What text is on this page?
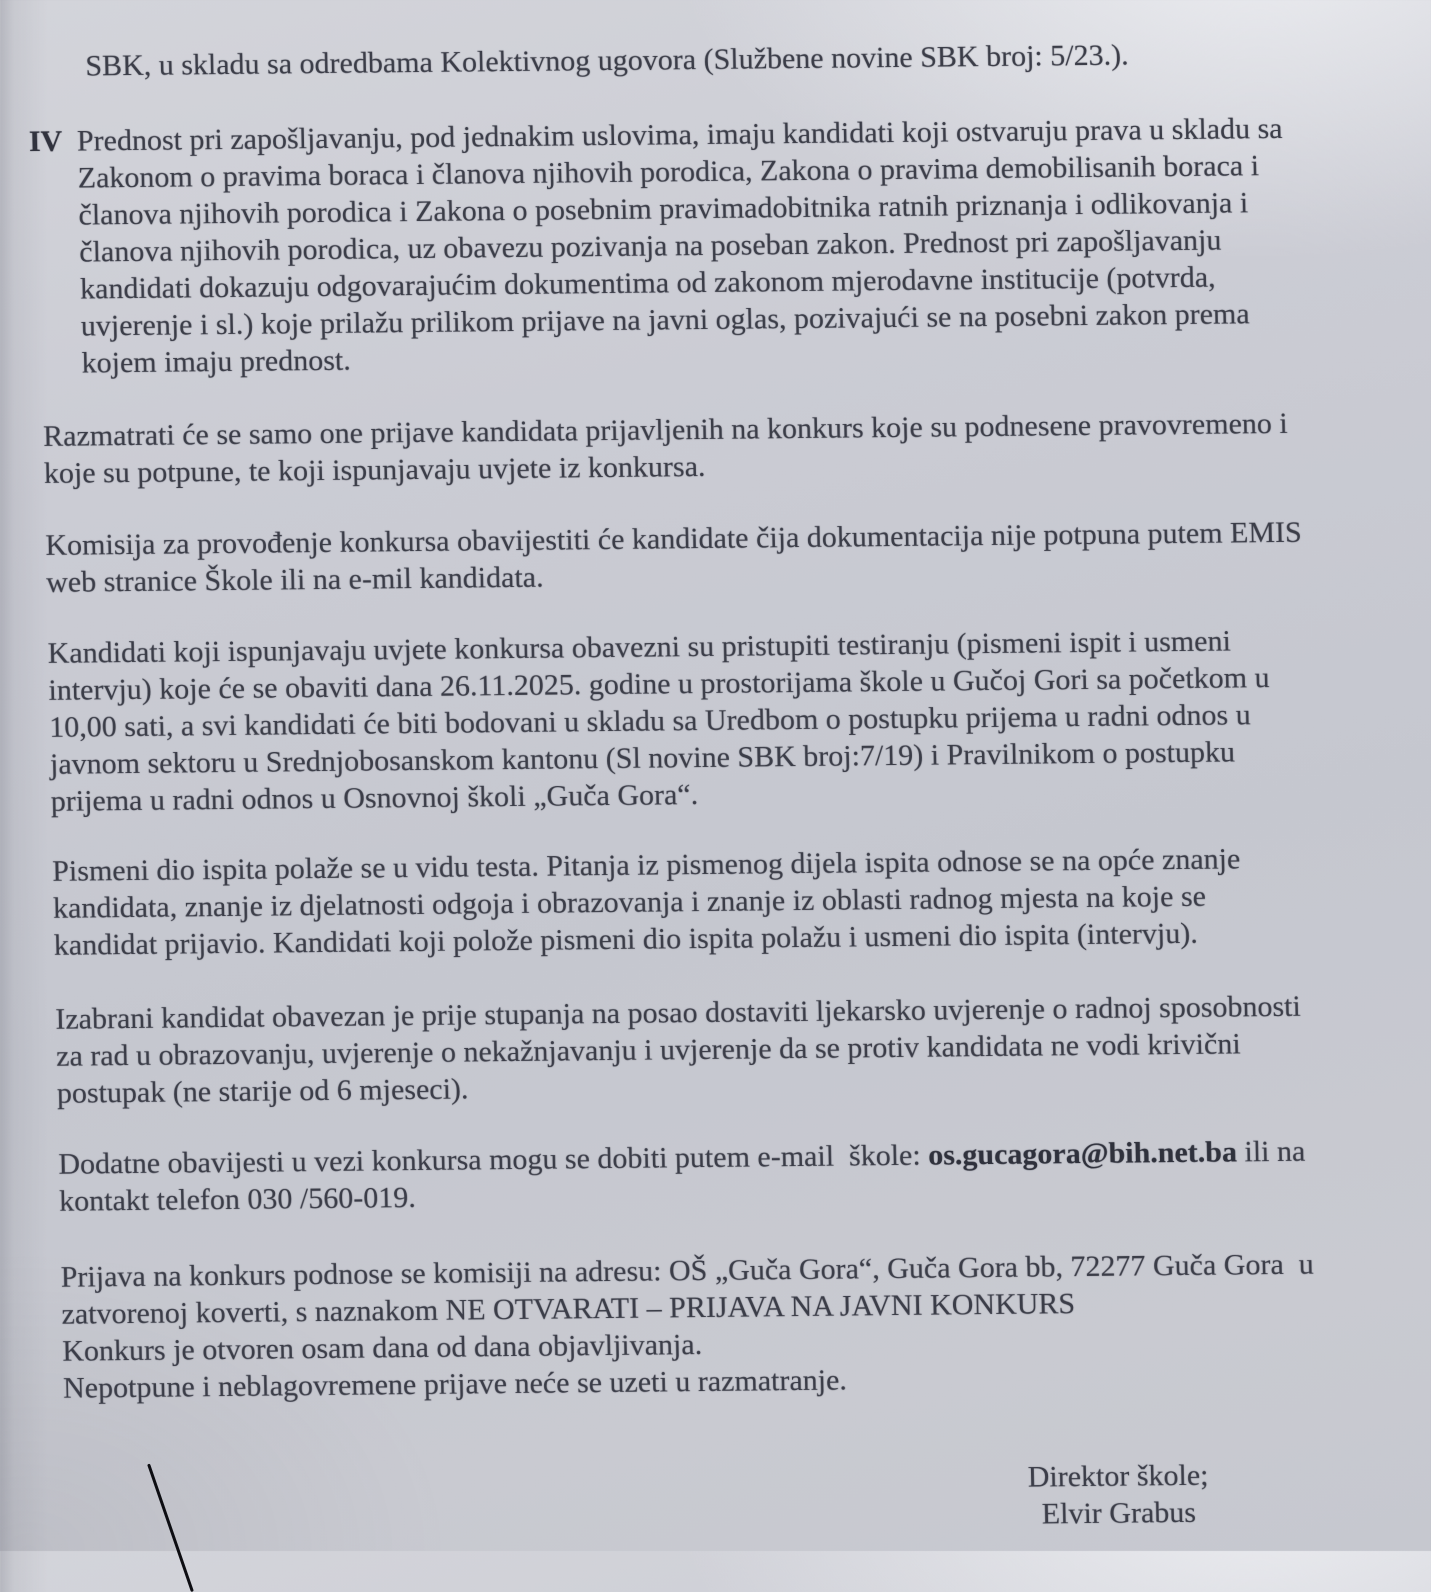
SBK, u skladu sa odredbama Kolektivnog ugovora (Službene novine SBK broj: 5/23.).
IV Prednost pri zapošljavanju, pod jednakim uslovima, imaju kandidati koji ostvaruju prava u skladu sa
Zakonom o pravima boraca i članova njihovih porodica, Zakona o pravima demobilisanih boraca i
članova njihovih porodica i Zakona o posebnim pravimadobitnika ratnih priznanja i odlikovanja i
članova njihovih porodica, uz obavezu pozivanja na poseban zakon. Prednost pri zapošljavanju
kandidati dokazuju odgovarajućim dokumentima od zakonom mjerodavne institucije (potvrda,
uvjerenje i sl.) koje prilažu prilikom prijave na javni oglas, pozivajući se na posebni zakon prema
kojem imaju prednost.
Razmatrati će se samo one prijave kandidata prijavljenih na konkurs koje su podnesene pravovremeno i
koje su potpune, te koji ispunjavaju uvjete iz konkursa.
Komisija za provođenje konkursa obavijestiti će kandidate čija dokumentacija nije potpuna putem EMIS
web stranice Škole ili na e-mil kandidata.
Kandidati koji ispunjavaju uvjete konkursa obavezni su pristupiti testiranju (pismeni ispit i usmeni
intervju) koje će se obaviti dana 26.11.2025. godine u prostorijama škole u Gučoj Gori sa početkom u
10,00 sati, a svi kandidati će biti bodovani u skladu sa Uredbom o postupku prijema u radni odnos u
javnom sektoru u Srednjobosanskom kantonu (Sl novine SBK broj:7/19) i Pravilnikom o postupku
prijema u radni odnos u Osnovnoj školi „Guča Gora“.
Pismeni dio ispita polaže se u vidu testa. Pitanja iz pismenog dijela ispita odnose se na opće znanje
kandidata, znanje iz djelatnosti odgoja i obrazovanja i znanje iz oblasti radnog mjesta na koje se
kandidat prijavio. Kandidati koji polože pismeni dio ispita polažu i usmeni dio ispita (intervju).
Izabrani kandidat obavezan je prije stupanja na posao dostaviti ljekarsko uvjerenje o radnoj sposobnosti
za rad u obrazovanju, uvjerenje o nekažnjavanju i uvjerenje da se protiv kandidata ne vodi krivični
postupak (ne starije od 6 mjeseci).
Dodatne obavijesti u vezi konkursa mogu se dobiti putem e-mail  škole: os.gucagora@bih.net.ba ili na
kontakt telefon 030 /560-019.
Prijava na konkurs podnose se komisiji na adresu: OŠ „Guča Gora“, Guča Gora bb, 72277 Guča Gora  u
zatvorenoj koverti, s naznakom NE OTVARATI – PRIJAVA NA JAVNI KONKURS
Konkurs je otvoren osam dana od dana objavljivanja.
Nepotpune i neblagovremene prijave neće se uzeti u razmatranje.
Direktor škole;
Elvir Grabus
